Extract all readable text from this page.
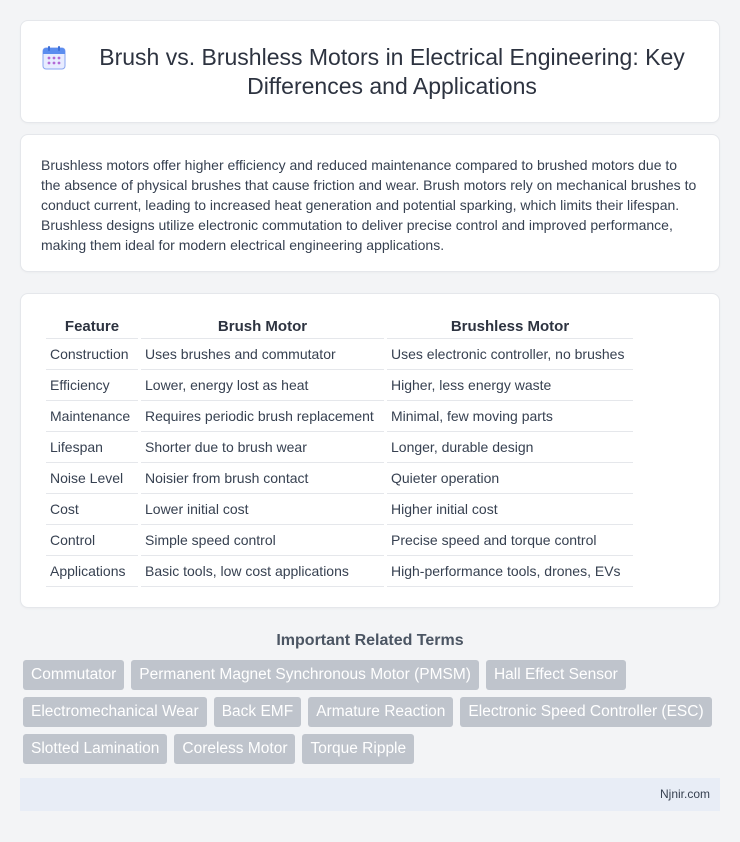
Brush vs. Brushless Motors in Electrical Engineering: Key Differences and Applications

Brushless motors offer higher efficiency and reduced maintenance compared to brushed motors due to the absence of physical brushes that cause friction and wear. Brush motors rely on mechanical brushes to conduct current, leading to increased heat generation and potential sparking, which limits their lifespan. Brushless designs utilize electronic commutation to deliver precise control and improved performance, making them ideal for modern electrical engineering applications.

Feature	Brush Motor	Brushless Motor
Construction	Uses brushes and commutator	Uses electronic controller, no brushes
Efficiency	Lower, energy lost as heat	Higher, less energy waste
Maintenance	Requires periodic brush replacement	Minimal, few moving parts
Lifespan	Shorter due to brush wear	Longer, durable design
Noise Level	Noisier from brush contact	Quieter operation
Cost	Lower initial cost	Higher initial cost
Control	Simple speed control	Precise speed and torque control
Applications	Basic tools, low cost applications	High-performance tools, drones, EVs
Important Related Terms
Commutator	Permanent Magnet Synchronous Motor (PMSM)	Hall Effect Sensor
Electromechanical Wear	Back EMF	Armature Reaction	Electronic Speed Controller (ESC)
Slotted Lamination	Coreless Motor	Torque Ripple
Njnir.com
